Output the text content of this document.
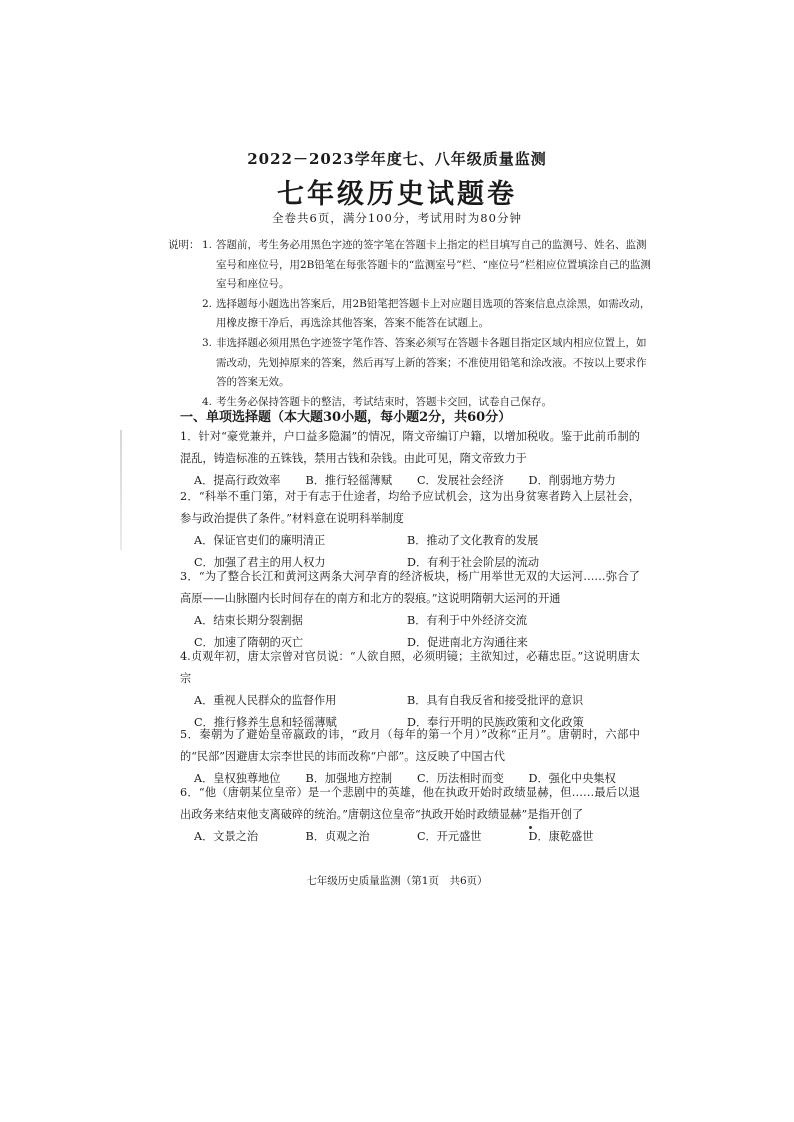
2022－2023学年度七、八年级质量监测
七年级历史试题卷
全卷共6页，满分100分，考试用时为80分钟
说明： 1. 答题前，考生务必用黑色字迹的签字笔在答题卡上指定的栏目填写自己的监测号、姓名、监测室号和座位号，用2B铅笔在每张答题卡的“监测室号”栏、“座位号”栏相应位置填涂自己的监测室号和座位号。
2. 选择题每小题选出答案后，用2B铅笔把答题卡上对应题目选项的答案信息点涂黑，如需改动，用橡皮擦干净后，再选涂其他答案，答案不能答在试题上。
3. 非选择题必须用黑色字迹签字笔作答、答案必须写在答题卡各题目指定区域内相应位置上，如需改动，先划掉原来的答案，然后再写上新的答案；不准使用铅笔和涂改液。不按以上要求作答的答案无效。
4. 考生务必保持答题卡的整洁，考试结束时，答题卡交回，试卷自己保存。
一、单项选择题（本大题30小题，每小题2分，共60分）
1．针对“豪党兼并，户口益多隐漏”的情况，隋文帝编订户籍，以增加税收。鉴于此前币制的混乱，铸造标准的五铢钱，禁用古钱和杂钱。由此可见，隋文帝致力于
A．提高行政效率	B．推行轻徭薄赋	C．发展社会经济	D．削弱地方势力
2．“科举不重门第，对于有志于仕途者，均给予应试机会，这为出身贫寒者跨入上层社会，参与政治提供了条件。”材料意在说明科举制度
A．保证官吏们的廉明清正	B．推动了文化教育的发展
C．加强了君主的用人权力	D．有利于社会阶层的流动
3．“为了整合长江和黄河这两条大河孕育的经济板块，杨广用举世无双的大运河……弥合了高原——山脉圈内长时间存在的南方和北方的裂痕。”这说明隋朝大运河的开通
A．结束长期分裂割据	B．有利于中外经济交流
C．加速了隋朝的灭亡	D．促进南北方沟通往来
4.贞观年初，唐太宗曾对官员说：“人欲自照，必须明镜；主欲知过，必藉忠臣。”这说明唐太宗
A．重视人民群众的监督作用	B．具有自我反省和接受批评的意识
C．推行修养生息和轻徭薄赋	D．奉行开明的民族政策和文化政策
5．秦朝为了避始皇帝嬴政的讳，“政月（每年的第一个月）”改称“正月”。唐朝时，六部中的“民部”因避唐太宗李世民的讳而改称“户部”。这反映了中国古代
A．皇权独尊地位	B．加强地方控制	C．历法相时而变	D．强化中央集权
6．“他（唐朝某位皇帝）是一个悲剧中的英雄，他在执政开始时政绩显赫，但……最后以退出政务来结束他支离破碎的统治。”唐朝这位皇帝“执政开始时政绩显赫”是指开创了
A．文景之治	B．贞观之治	C．开元盛世	D．康乾盛世
七年级历史质量监测（第1页　共6页）
